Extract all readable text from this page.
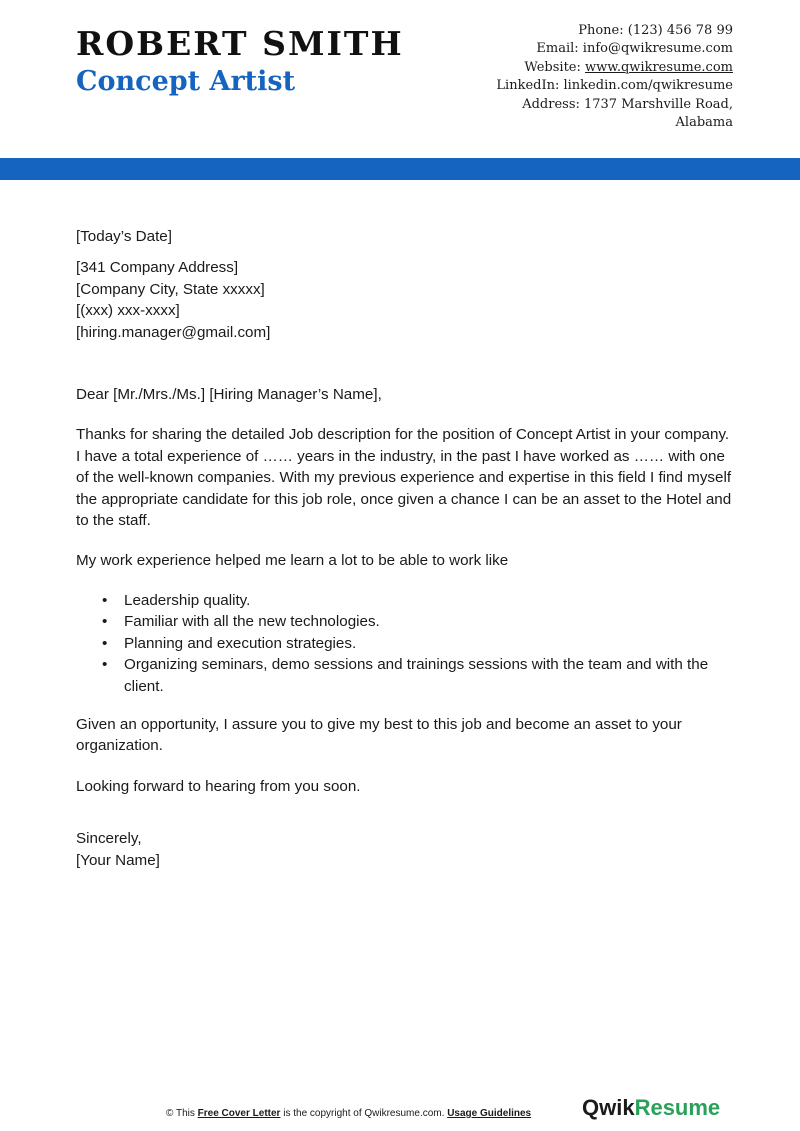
ROBERT SMITH
Concept Artist
Phone: (123) 456 78 99
Email: info@qwikresume.com
Website: www.qwikresume.com
LinkedIn: linkedin.com/qwikresume
Address: 1737 Marshville Road,
Alabama

[Today’s Date]

[341 Company Address]

[Company City, State xxxxx]

[(xxx) xxx-xxxx]

[hiring.manager@gmail.com]

Dear [Mr./Mrs./Ms.] [Hiring Manager’s Name],

Thanks for sharing the detailed Job description for the position of Concept Artist in your company. I have a total experience of …… years in the industry, in the past I have worked as …… with one of the well-known companies. With my previous experience and expertise in this field I find myself the appropriate candidate for this job role, once given a chance I can be an asset to the Hotel and to the staff.

My work experience helped me learn a lot to be able to work like

• Leadership quality.
• Familiar with all the new technologies.
• Planning and execution strategies.
• Organizing seminars, demo sessions and trainings sessions with the team and with the client.

Given an opportunity, I assure you to give my best to this job and become an asset to your organization.

Looking forward to hearing from you soon.

Sincerely,

[Your Name]

© This Free Cover Letter is the copyright of Qwikresume.com. Usage Guidelines QwikResume
